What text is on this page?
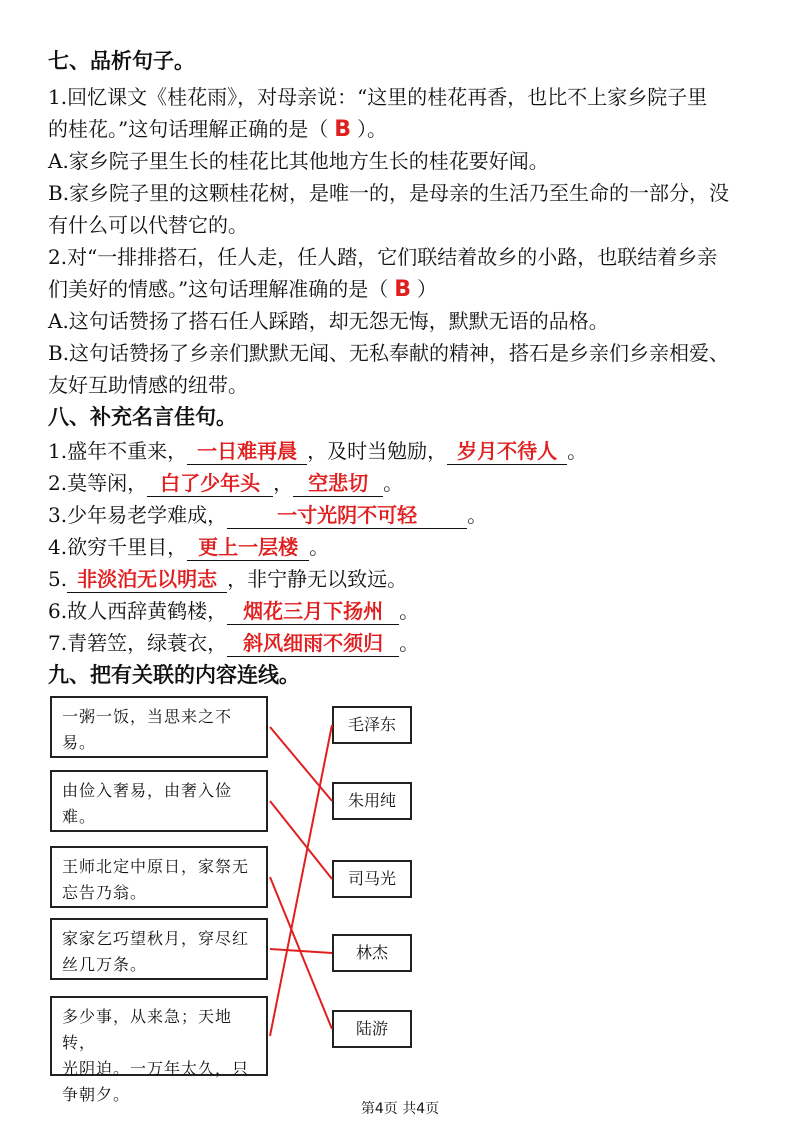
七、品析句子。
1.回忆课文《桂花雨》，对母亲说：“这里的桂花再香，也比不上家乡院子里
的桂花。”这句话理解正确的是（ B ）。
A.家乡院子里生长的桂花比其他地方生长的桂花要好闻。
B.家乡院子里的这颗桂花树，是唯一的，是母亲的生活乃至生命的一部分，没
有什么可以代替它的。
2.对“一排排搭石，任人走，任人踏，它们联结着故乡的小路，也联结着乡亲
们美好的情感。”这句话理解准确的是（ B ）
A.这句话赞扬了搭石任人踩踏，却无怨无悔，默默无语的品格。
B.这句话赞扬了乡亲们默默无闻、无私奉献的精神，搭石是乡亲们乡亲相爱、
友好互助情感的纽带。
八、补充名言佳句。
1.盛年不重来， 一日难再晨 ，及时当勉励， 岁月不待人 。
2.莫等闲， 白了少年头 ， 空悲切 。
3.少年易老学难成，	一寸光阴不可轻	。
4.欲穷千里目， 更上一层楼 。
5. 非淡泊无以明志 ，非宁静无以致远。
6.故人西辞黄鹤楼， 烟花三月下扬州 。
7.青箬笠，绿蓑衣， 斜风细雨不须归 。
九、把有关联的内容连线。
一粥一饭，当思来之不
易。
由俭入奢易，由奢入俭
难。
王师北定中原日，家祭无
忘告乃翁。
家家乞巧望秋月，穿尽红
丝几万条。
多少事，从来急；天地转，
光阴迫。一万年太久，只
争朝夕。
毛泽东
朱用纯
司马光
林杰
陆游
第4页 共4页
